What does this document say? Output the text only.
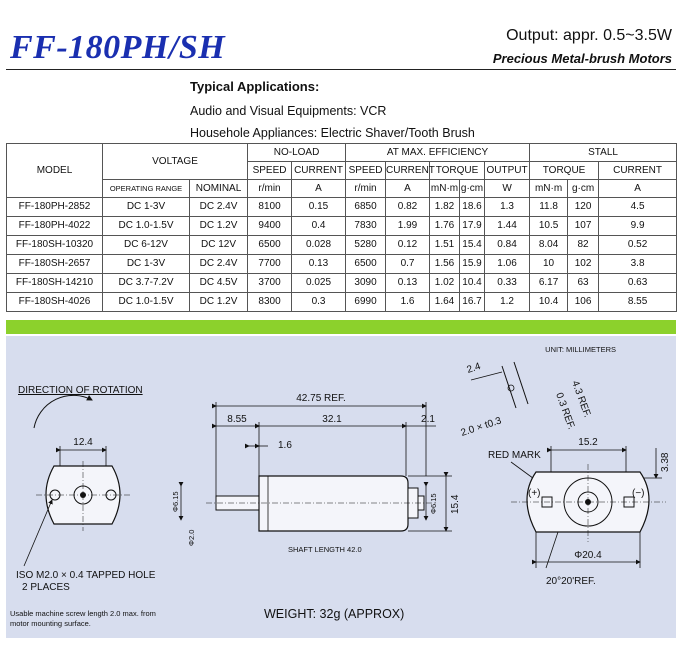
FF-180PH/SH	Output: appr. 0.5~3.5W
Precious Metal-brush Motors
Typical Applications:
Audio and Visual Equipments: VCR
Househole Appliances: Electric Shaver/Tooth Brush
MODEL	VOLTAGE		NO-LOAD		AT MAX. EFFICIENCY					STALL		
			SPEED	CURRENT	SPEED	CURRENT	TORQUE		OUTPUT	TORQUE		CURRENT
	OPERATING RANGE	NOMINAL	r/min	A	r/min	A	mN·m	g·cm	W	mN·m	g·cm	A
FF-180PH-2852	DC 1-3V	DC 2.4V	8100	0.15	6850	0.82	1.82	18.6	1.3	11.8	120	4.5
FF-180PH-4022	DC 1.0-1.5V	DC 1.2V	9400	0.4	7830	1.99	1.76	17.9	1.44	10.5	107	9.9
FF-180SH-10320	DC 6-12V	DC 12V	6500	0.028	5280	0.12	1.51	15.4	0.84	8.04	82	0.52
FF-180SH-2657	DC 1-3V	DC 2.4V	7700	0.13	6500	0.7	1.56	15.9	1.06	10	102	3.8
FF-180SH-14210	DC 3.7-7.2V	DC 4.5V	3700	0.025	3090	0.13	1.02	10.4	0.33	6.17	63	0.63
FF-180SH-4026	DC 1.0-1.5V	DC 1.2V	8300	0.3	6990	1.6	1.64	16.7	1.2	10.4	106	8.55
UNIT: MILLIMETERS
DIRECTION OF ROTATION
12.4
ISO M2.0 × 0.4 TAPPED HOLE
2 PLACES
Usable machine screw length 2.0 max. from
motor mounting surface.
42.75 REF.
8.55	32.1	2.1
1.6
Φ6.15
Φ2.0
Φ6.15 15.4
SHAFT LENGTH 42.0
WEIGHT: 32g (APPROX)
2.4
4.3 REF.
0.3 REF.
2.0 × t0.3
RED MARK
15.2
3.38
(+)	(−)
Φ20.4
20°20'REF.
